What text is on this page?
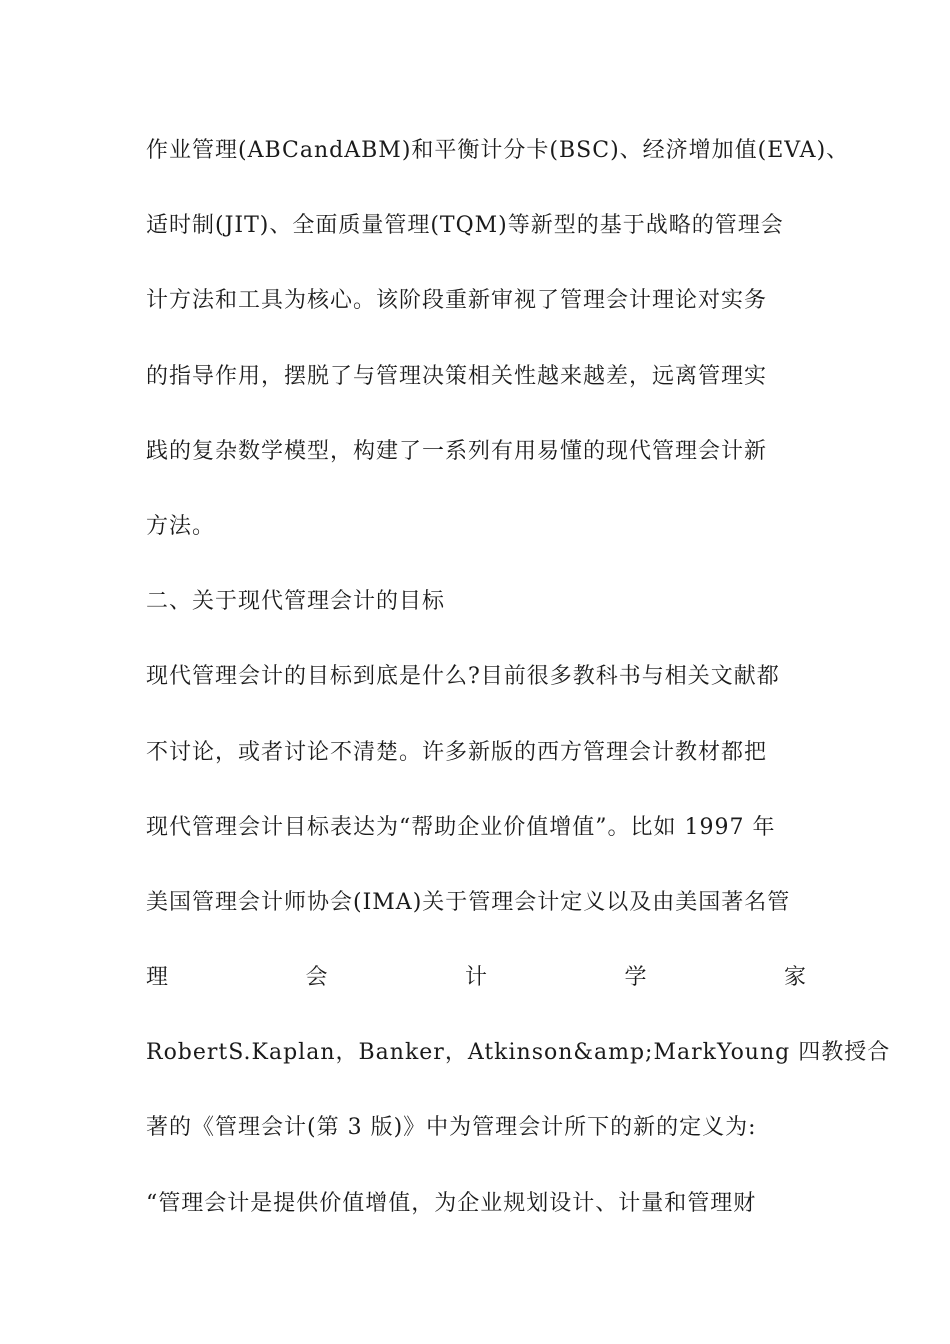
作业管理(ABCandABM)和平衡计分卡(BSC)、经济增加值(EVA)、
适时制(JIT)、全面质量管理(TQM)等新型的基于战略的管理会
计方法和工具为核心。该阶段重新审视了管理会计理论对实务
的指导作用，摆脱了与管理决策相关性越来越差，远离管理实
践的复杂数学模型，构建了一系列有用易懂的现代管理会计新
方法。
二、关于现代管理会计的目标
现代管理会计的目标到底是什么?目前很多教科书与相关文献都
不讨论，或者讨论不清楚。许多新版的西方管理会计教材都把
现代管理会计目标表达为“帮助企业价值增值”。比如 1997 年
美国管理会计师协会(IMA)关于管理会计定义以及由美国著名管
理	会	计	学	家
RobertS.Kaplan，Banker，Atkinson&amp;MarkYoung 四教授合
著的《管理会计(第 3 版)》中为管理会计所下的新的定义为:
“管理会计是提供价值增值，为企业规划设计、计量和管理财
